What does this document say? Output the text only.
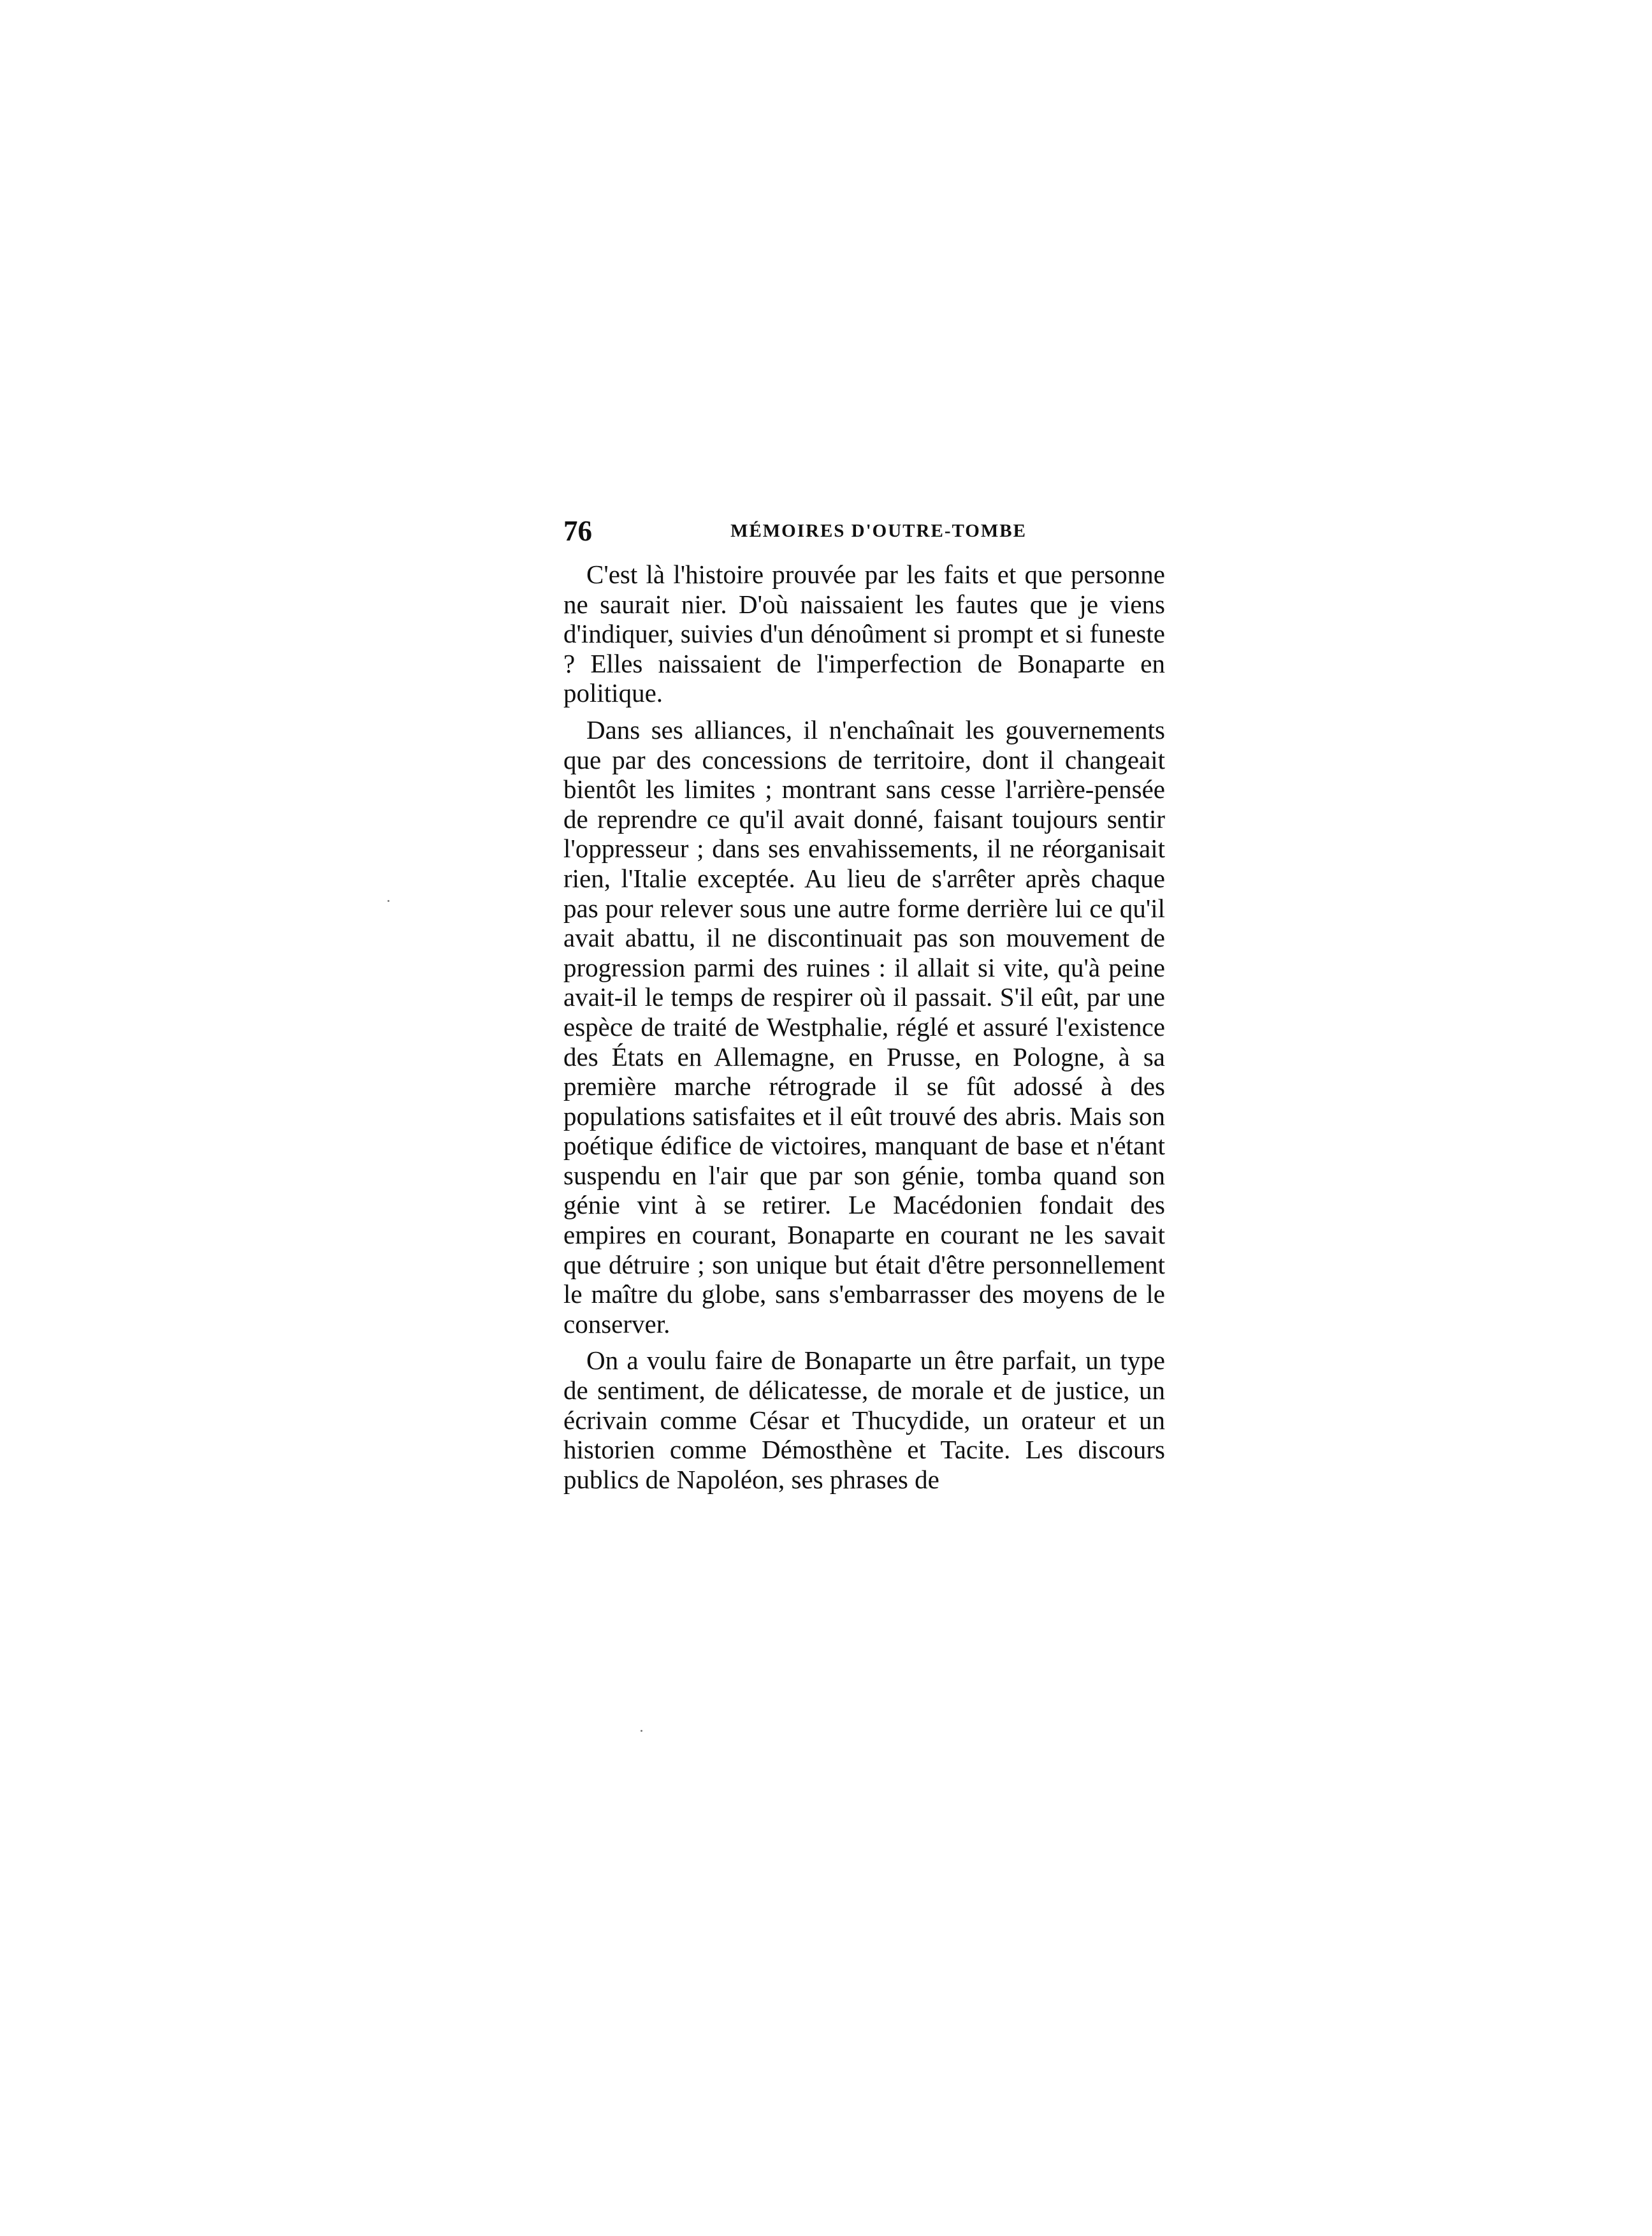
76	MÉMOIRES D'OUTRE-TOMBE

C'est là l'histoire prouvée par les faits et que personne ne saurait nier. D'où naissaient les fautes que je viens d'indiquer, suivies d'un dénoûment si prompt et si funeste ? Elles naissaient de l'imperfection de Bonaparte en politique.

Dans ses alliances, il n'enchaînait les gouvernements que par des concessions de territoire, dont il changeait bientôt les limites ; montrant sans cesse l'arrière-pensée de reprendre ce qu'il avait donné, faisant toujours sentir l'oppresseur ; dans ses envahissements, il ne réorganisait rien, l'Italie exceptée. Au lieu de s'arrêter après chaque pas pour relever sous une autre forme derrière lui ce qu'il avait abattu, il ne discontinuait pas son mouvement de progression parmi des ruines : il allait si vite, qu'à peine avait-il le temps de respirer où il passait. S'il eût, par une espèce de traité de Westphalie, réglé et assuré l'existence des États en Allemagne, en Prusse, en Pologne, à sa première marche rétrograde il se fût adossé à des populations satisfaites et il eût trouvé des abris. Mais son poétique édifice de victoires, manquant de base et n'étant suspendu en l'air que par son génie, tomba quand son génie vint à se retirer. Le Macédonien fondait des empires en courant, Bonaparte en courant ne les savait que détruire ; son unique but était d'être personnellement le maître du globe, sans s'embarrasser des moyens de le conserver.

On a voulu faire de Bonaparte un être parfait, un type de sentiment, de délicatesse, de morale et de justice, un écrivain comme César et Thucydide, un orateur et un historien comme Démosthène et Tacite. Les discours publics de Napoléon, ses phrases de
